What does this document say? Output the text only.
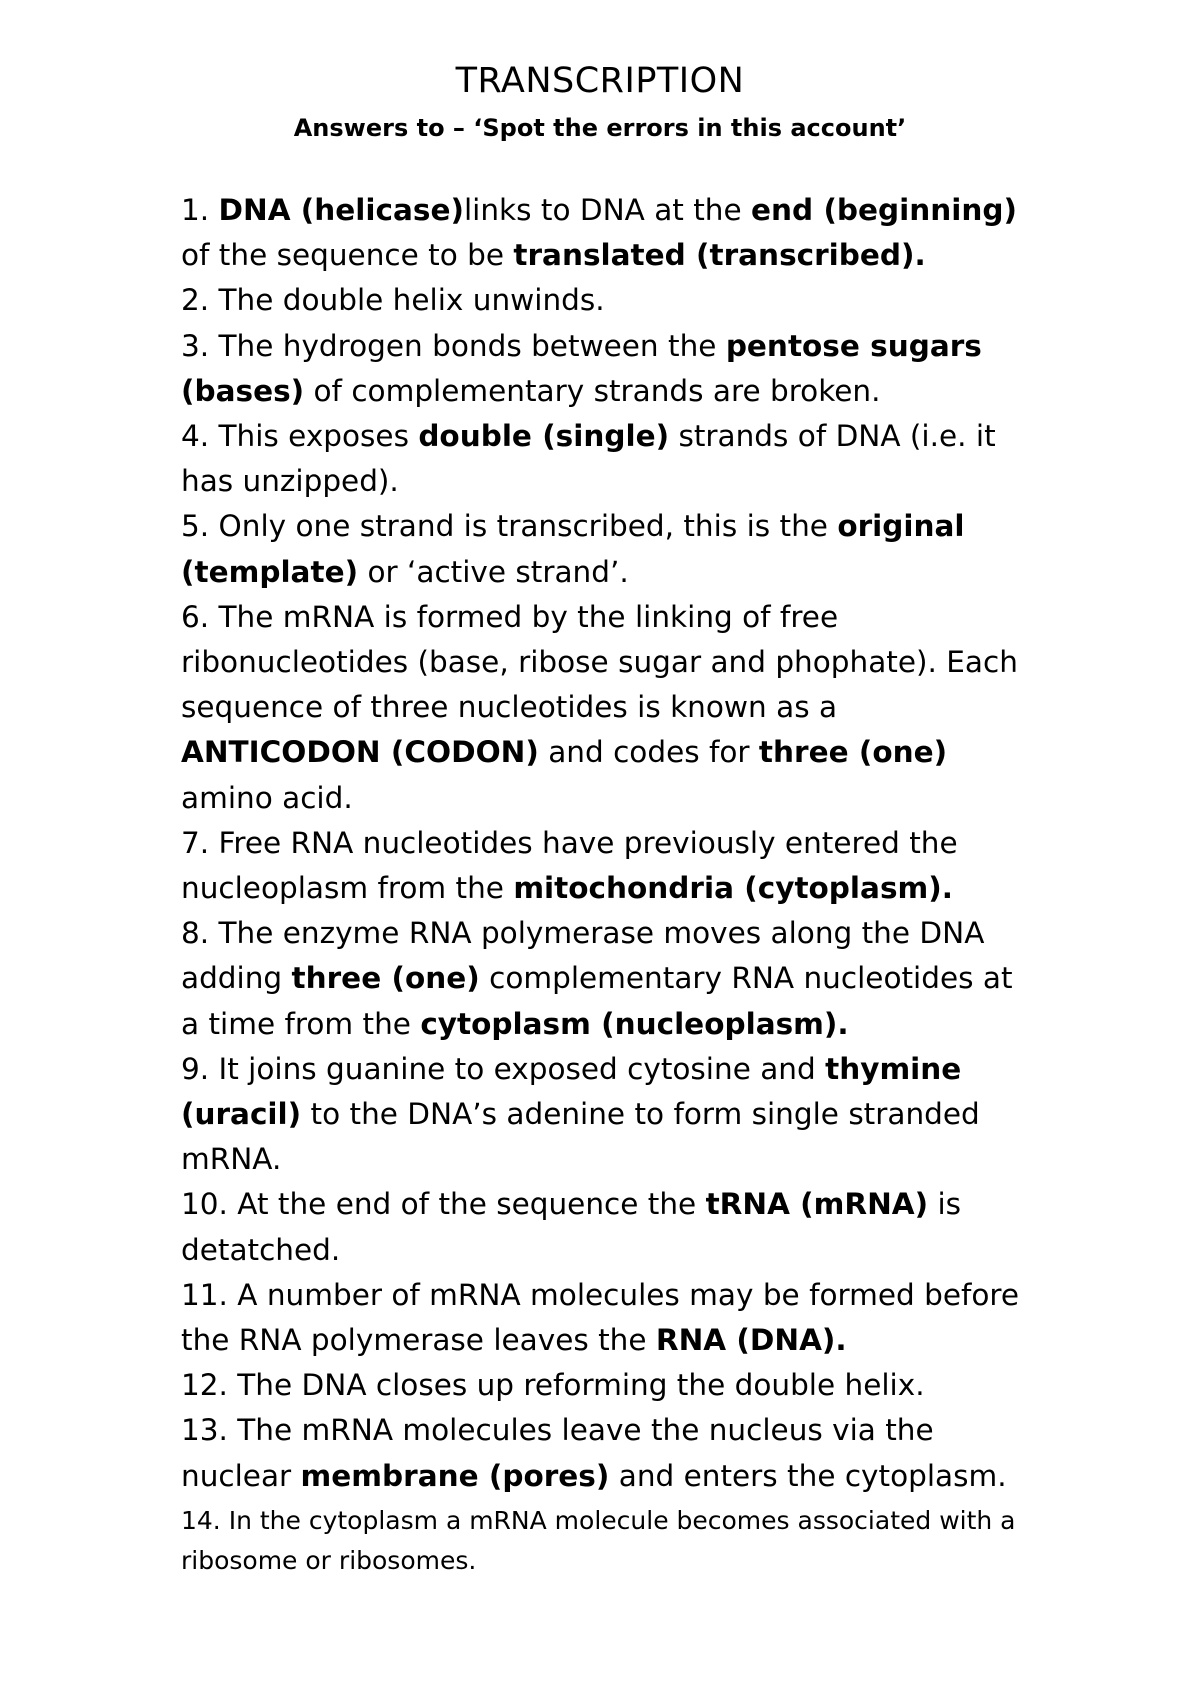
TRANSCRIPTION
Answers to – ‘Spot the errors in this account’
1. DNA (helicase)links to DNA at the end (beginning) of the sequence to be translated (transcribed).
2. The double helix unwinds.
3. The hydrogen bonds between the pentose sugars (bases) of complementary strands are broken.
4. This exposes double (single) strands of DNA (i.e. it has unzipped).
5. Only one strand is transcribed, this is the original (template) or ‘active strand’.
6. The mRNA is formed by the linking of free ribonucleotides (base, ribose sugar and phophate). Each sequence of three nucleotides is known as a ANTICODON (CODON) and codes for three (one) amino acid.
7. Free RNA nucleotides have previously entered the nucleoplasm from the mitochondria (cytoplasm).
8. The enzyme RNA polymerase moves along the DNA adding three (one) complementary RNA nucleotides at a time from the cytoplasm (nucleoplasm).
9. It joins guanine to exposed cytosine and thymine (uracil) to the DNA’s adenine to form single stranded mRNA.
10. At the end of the sequence the tRNA (mRNA) is detatched.
11. A number of mRNA molecules may be formed before the RNA polymerase leaves the RNA (DNA).
12. The DNA closes up reforming the double helix.
13. The mRNA molecules leave the nucleus via the nuclear membrane (pores) and enters the cytoplasm.
14. In the cytoplasm a mRNA molecule becomes associated with a ribosome or ribosomes.
